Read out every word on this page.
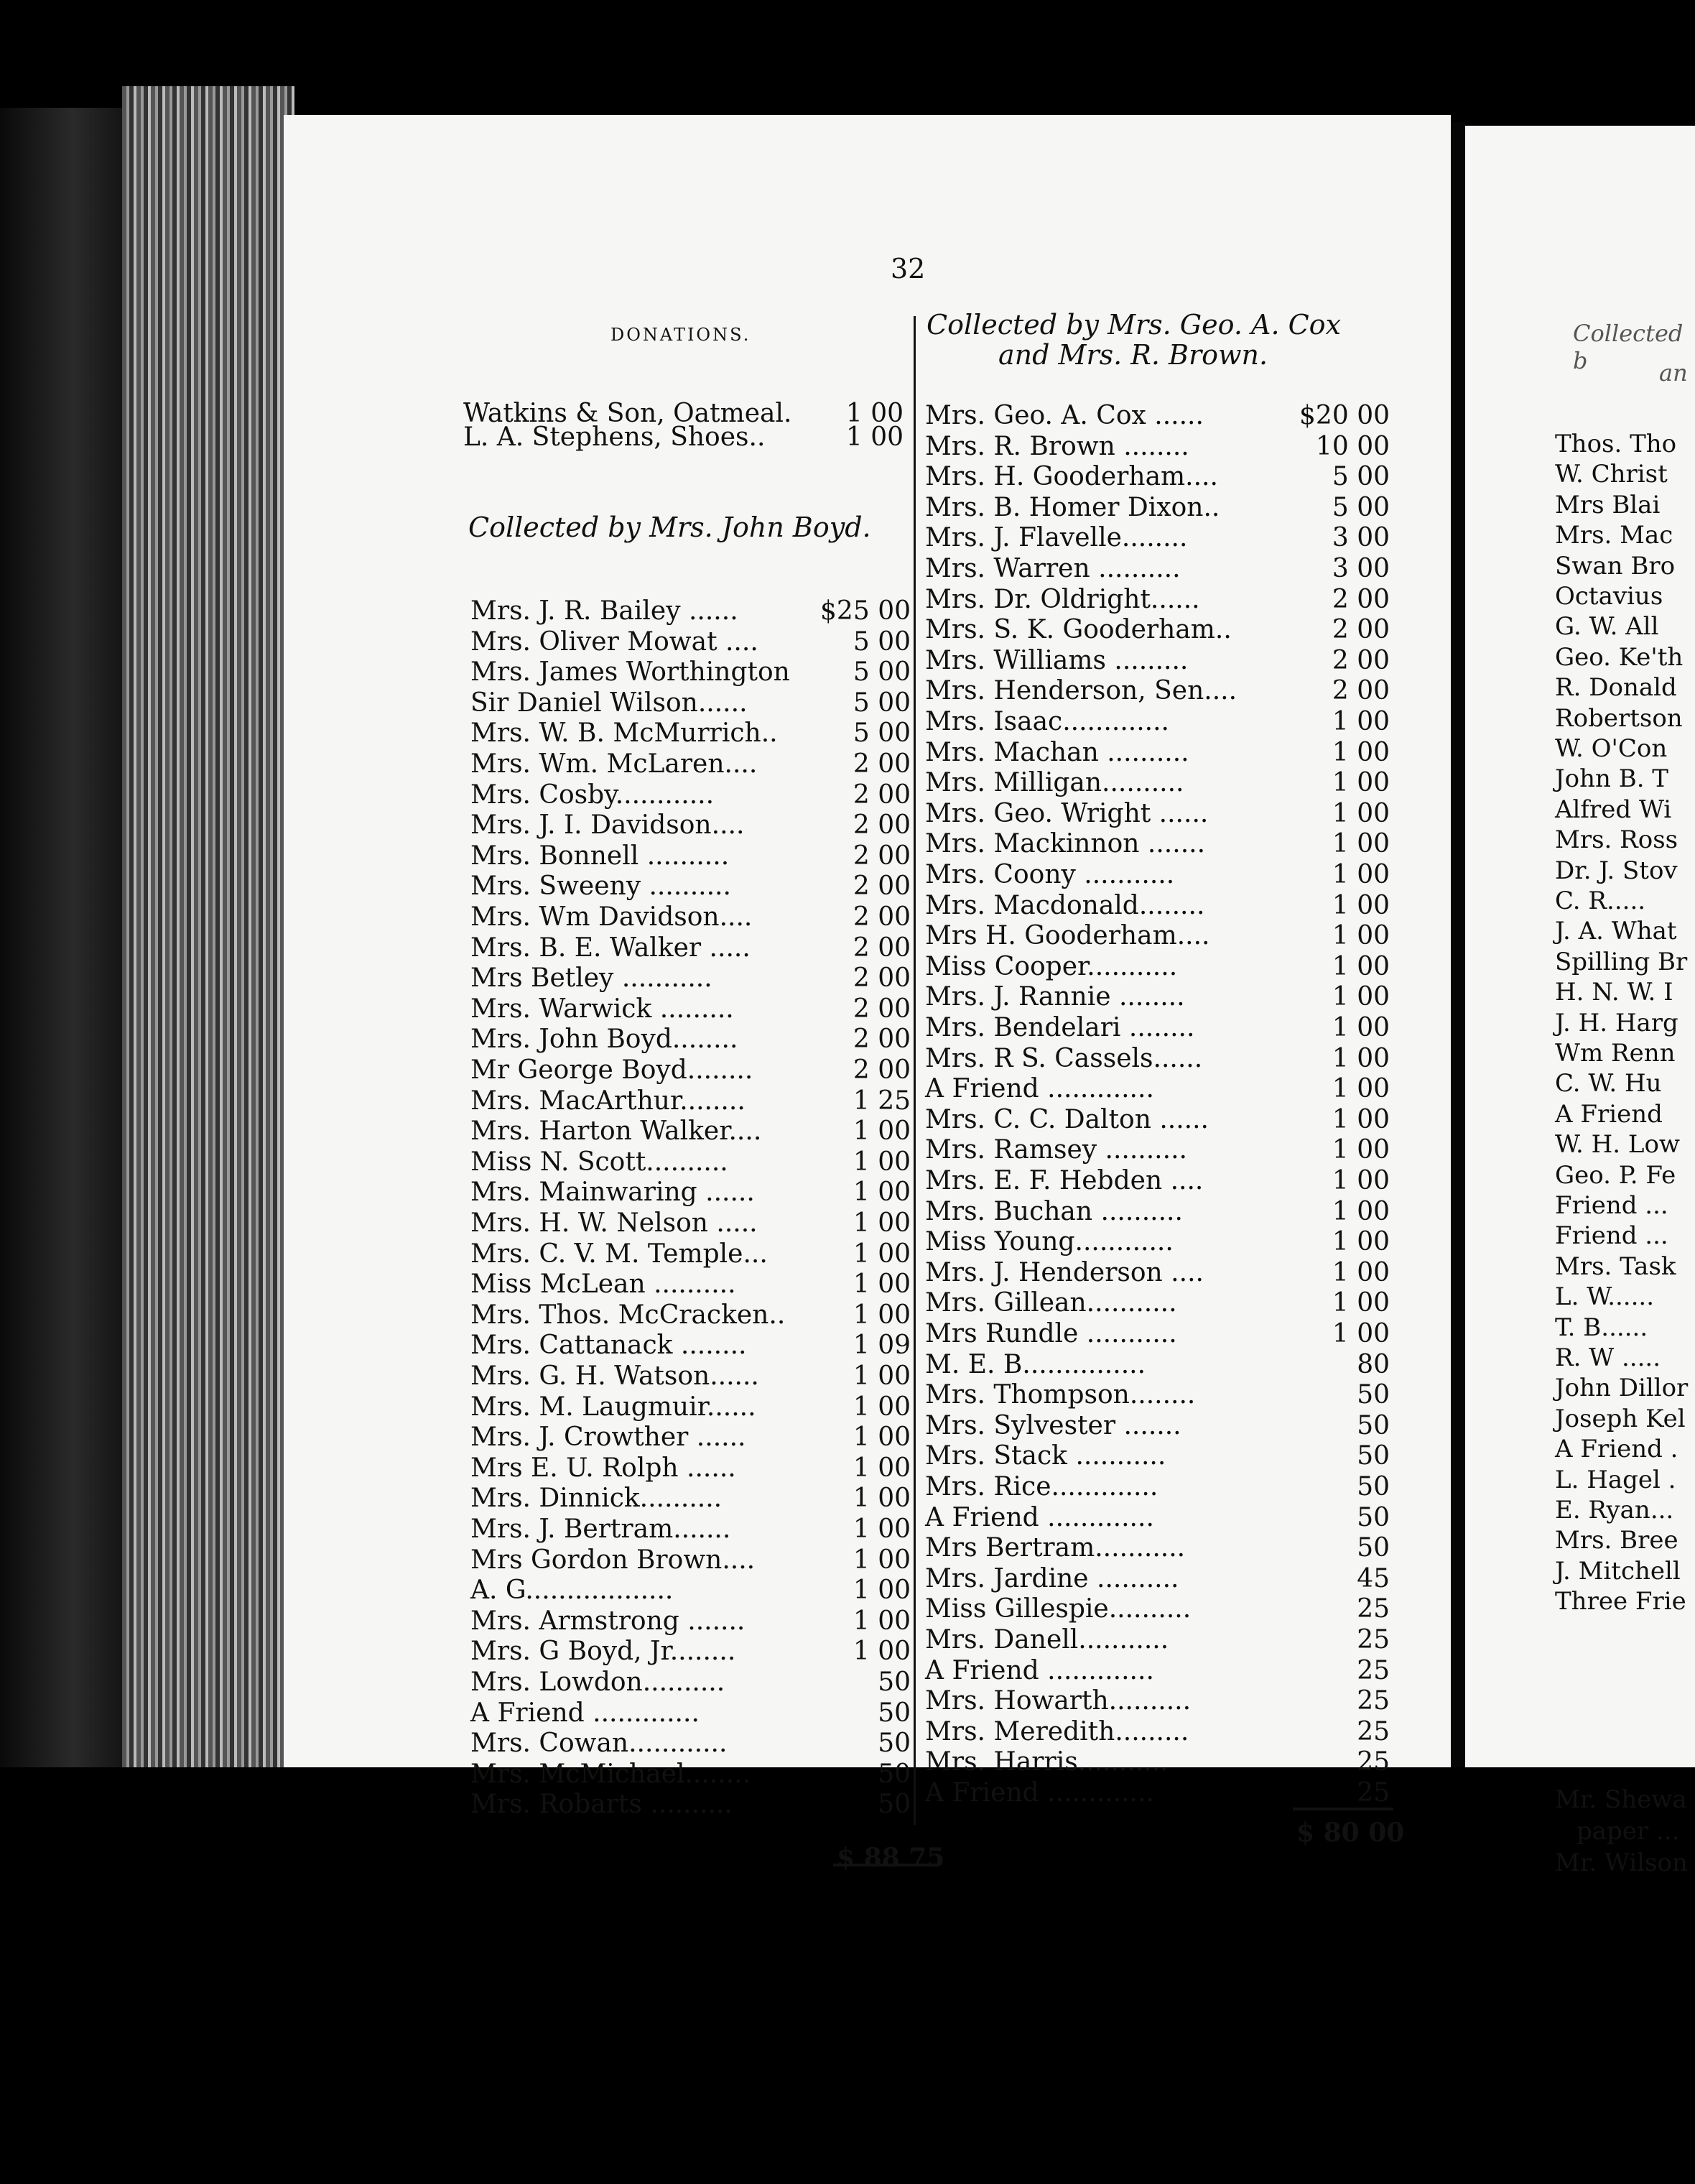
32
DONATIONS.	Collected by Mrs. Geo. A. Cox
and Mrs. R. Brown.
Collected by Mrs. John Boyd.
Watkins & Son, Oatmeal. 1 00
L. A. Stephens, Shoes..	1 00
Mrs. J. R. Bailey ......	$25 00
Mrs. Oliver Mowat ....	5 00
Mrs. James Worthington 5 00
Sir Daniel Wilson......	5 00
Mrs. W. B. McMurrich..	5 00
Mrs. Wm. McLaren....	2 00
Mrs. Cosby............	2 00
Mrs. J. I. Davidson....	2 00
Mrs. Bonnell ..........	2 00
Mrs. Sweeny ..........	2 00
Mrs. Wm Davidson....	2 00
Mrs. B. E. Walker .....	2 00
Mrs Betley ...........	2 00
Mrs. Warwick .........	2 00
Mrs. John Boyd........	2 00
Mr George Boyd........	2 00
Mrs. MacArthur........	1 25
Mrs. Harton Walker....	1 00
Miss N. Scott..........	1 00
Mrs. Mainwaring ......	1 00
Mrs. H. W. Nelson .....	1 00
Mrs. C. V. M. Temple...	1 00
Miss McLean ..........	1 00
Mrs. Thos. McCracken..	1 00
Mrs. Cattanack ........	1 09
Mrs. G. H. Watson......	1 00
Mrs. M. Laugmuir......	1 00
Mrs. J. Crowther ......	1 00
Mrs E. U. Rolph ......	1 00
Mrs. Dinnick..........	1 00
Mrs. J. Bertram.......	1 00
Mrs Gordon Brown....	1 00
A. G..................	1 00
Mrs. Armstrong .......	1 00
Mrs. G Boyd, Jr........	1 00
Mrs. Lowdon..........	50
A Friend .............	50
Mrs. Cowan............	50
Mrs. McMichael........	50
Mrs. Robarts ..........	50
Mrs. Geo. A. Cox ......	$20 00
Mrs. R. Brown ........	10 00
Mrs. H. Gooderham....	5 00
Mrs. B. Homer Dixon..	5 00
Mrs. J. Flavelle........	3 00
Mrs. Warren ..........	3 00
Mrs. Dr. Oldright......	2 00
Mrs. S. K. Gooderham..	2 00
Mrs. Williams .........	2 00
Mrs. Henderson, Sen....	2 00
Mrs. Isaac.............	1 00
Mrs. Machan ..........	1 00
Mrs. Milligan..........	1 00
Mrs. Geo. Wright ......	1 00
Mrs. Mackinnon .......	1 00
Mrs. Coony ...........	1 00
Mrs. Macdonald........	1 00
Mrs H. Gooderham....	1 00
Miss Cooper...........	1 00
Mrs. J. Rannie ........	1 00
Mrs. Bendelari ........	1 00
Mrs. R S. Cassels......	1 00
A Friend .............	1 00
Mrs. C. C. Dalton ......	1 00
Mrs. Ramsey ..........	1 00
Mrs. E. F. Hebden ....	1 00
Mrs. Buchan ..........	1 00
Miss Young............	1 00
Mrs. J. Henderson ....	1 00
Mrs. Gillean...........	1 00
Mrs Rundle ...........	1 00
M. E. B...............	80
Mrs. Thompson........	50
Mrs. Sylvester .......	50
Mrs. Stack ...........	50
Mrs. Rice.............	50
A Friend .............	50
Mrs Bertram...........	50
Mrs. Jardine ..........	45
Miss Gillespie..........	25
Mrs. Danell...........	25
A Friend .............	25
Mrs. Howarth..........	25
Mrs. Meredith.........	25
Mrs. Harris...........	25
A Friend .............	25
$ 88 75
$ 80 00
Collected b	an
Thos. Tho
W. Christ
Mrs Blai
Mrs. Mac
Swan Bro
Octavius
G. W. All
Geo. Ke'th
R. Donald
Robertson
W. O'Con
John B. T
Alfred Wi
Mrs. Ross
Dr. J. Stov
C. R.....
J. A. What
Spilling Br
H. N. W. I
J. H. Harg
Wm Renn
C. W. Hu
A Friend
W. H. Low
Geo. P. Fe
Friend ...
Friend ...
Mrs. Task
L. W......
T. B......
R. W .....
John Dillor
Joseph Kel
A Friend .
L. Hagel .
E. Ryan...
Mrs. Bree
J. Mitchell
Three Frie
Mr. Shewa
paper ...
Mr. Wilson
